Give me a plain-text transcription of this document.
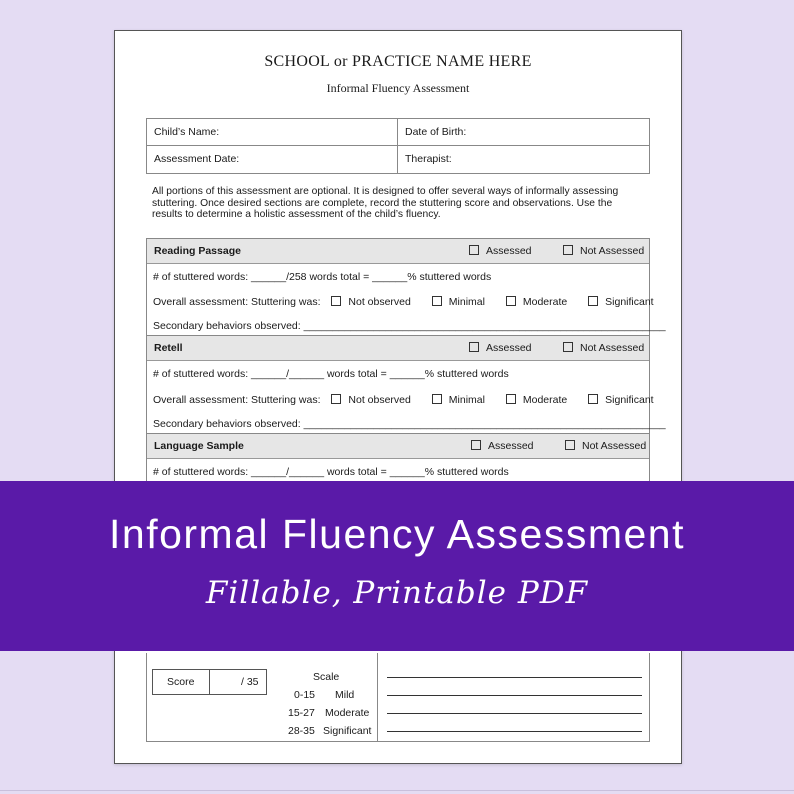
SCHOOL or PRACTICE NAME HERE
Informal Fluency Assessment
Child’s Name:	Date of Birth:
Assessment Date:	Therapist:
All portions of this assessment are optional. It is designed to offer several ways of informally assessing stuttering. Once desired sections are complete, record the stuttering score and observations. Use the results to determine a holistic assessment of the child’s fluency.
Reading Passage	Assessed	Not Assessed
# of stuttered words: ______/258 words total = ______% stuttered words
Overall assessment: Stuttering was:	Not observed	Minimal	Moderate	Significant
Secondary behaviors observed: ______________________________________________________________
Retell	Assessed	Not Assessed
# of stuttered words: ______/______ words total = ______% stuttered words
Overall assessment: Stuttering was:	Not observed	Minimal	Moderate	Significant
Secondary behaviors observed: ______________________________________________________________
Language Sample	Assessed	Not Assessed
# of stuttered words: ______/______ words total = ______% stuttered words
Score	/ 35	Scale
0-15 Mild
15-27 Moderate
28-35 Significant
Informal Fluency Assessment
Fillable, Printable PDF
